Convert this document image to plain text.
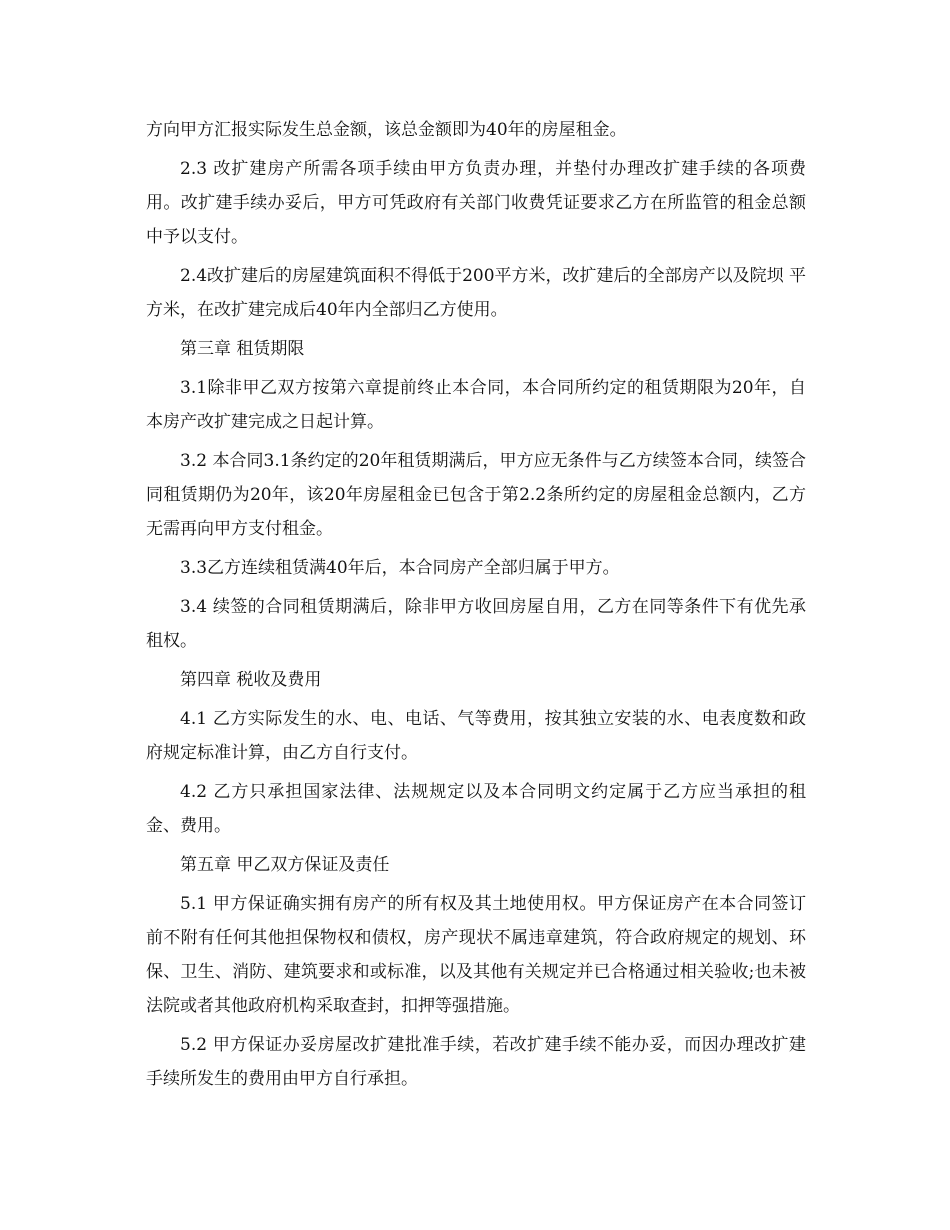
方向甲方汇报实际发生总金额，该总金额即为40年的房屋租金。

2.3 改扩建房产所需各项手续由甲方负责办理，并垫付办理改扩建手续的各项费用。改扩建手续办妥后，甲方可凭政府有关部门收费凭证要求乙方在所监管的租金总额中予以支付。

2.4改扩建后的房屋建筑面积不得低于200平方米，改扩建后的全部房产以及院坝 平方米，在改扩建完成后40年内全部归乙方使用。

第三章 租赁期限

3.1除非甲乙双方按第六章提前终止本合同，本合同所约定的租赁期限为20年，自本房产改扩建完成之日起计算。

3.2 本合同3.1条约定的20年租赁期满后，甲方应无条件与乙方续签本合同，续签合同租赁期仍为20年，该20年房屋租金已包含于第2.2条所约定的房屋租金总额内，乙方无需再向甲方支付租金。

3.3乙方连续租赁满40年后，本合同房产全部归属于甲方。

3.4 续签的合同租赁期满后，除非甲方收回房屋自用，乙方在同等条件下有优先承租权。

第四章 税收及费用

4.1 乙方实际发生的水、电、电话、气等费用，按其独立安装的水、电表度数和政府规定标准计算，由乙方自行支付。

4.2 乙方只承担国家法律、法规规定以及本合同明文约定属于乙方应当承担的租金、费用。

第五章 甲乙双方保证及责任

5.1 甲方保证确实拥有房产的所有权及其土地使用权。甲方保证房产在本合同签订前不附有任何其他担保物权和债权，房产现状不属违章建筑，符合政府规定的规划、环保、卫生、消防、建筑要求和或标准，以及其他有关规定并已合格通过相关验收;也未被法院或者其他政府机构采取查封，扣押等强措施。

5.2 甲方保证办妥房屋改扩建批准手续，若改扩建手续不能办妥，而因办理改扩建手续所发生的费用由甲方自行承担。
